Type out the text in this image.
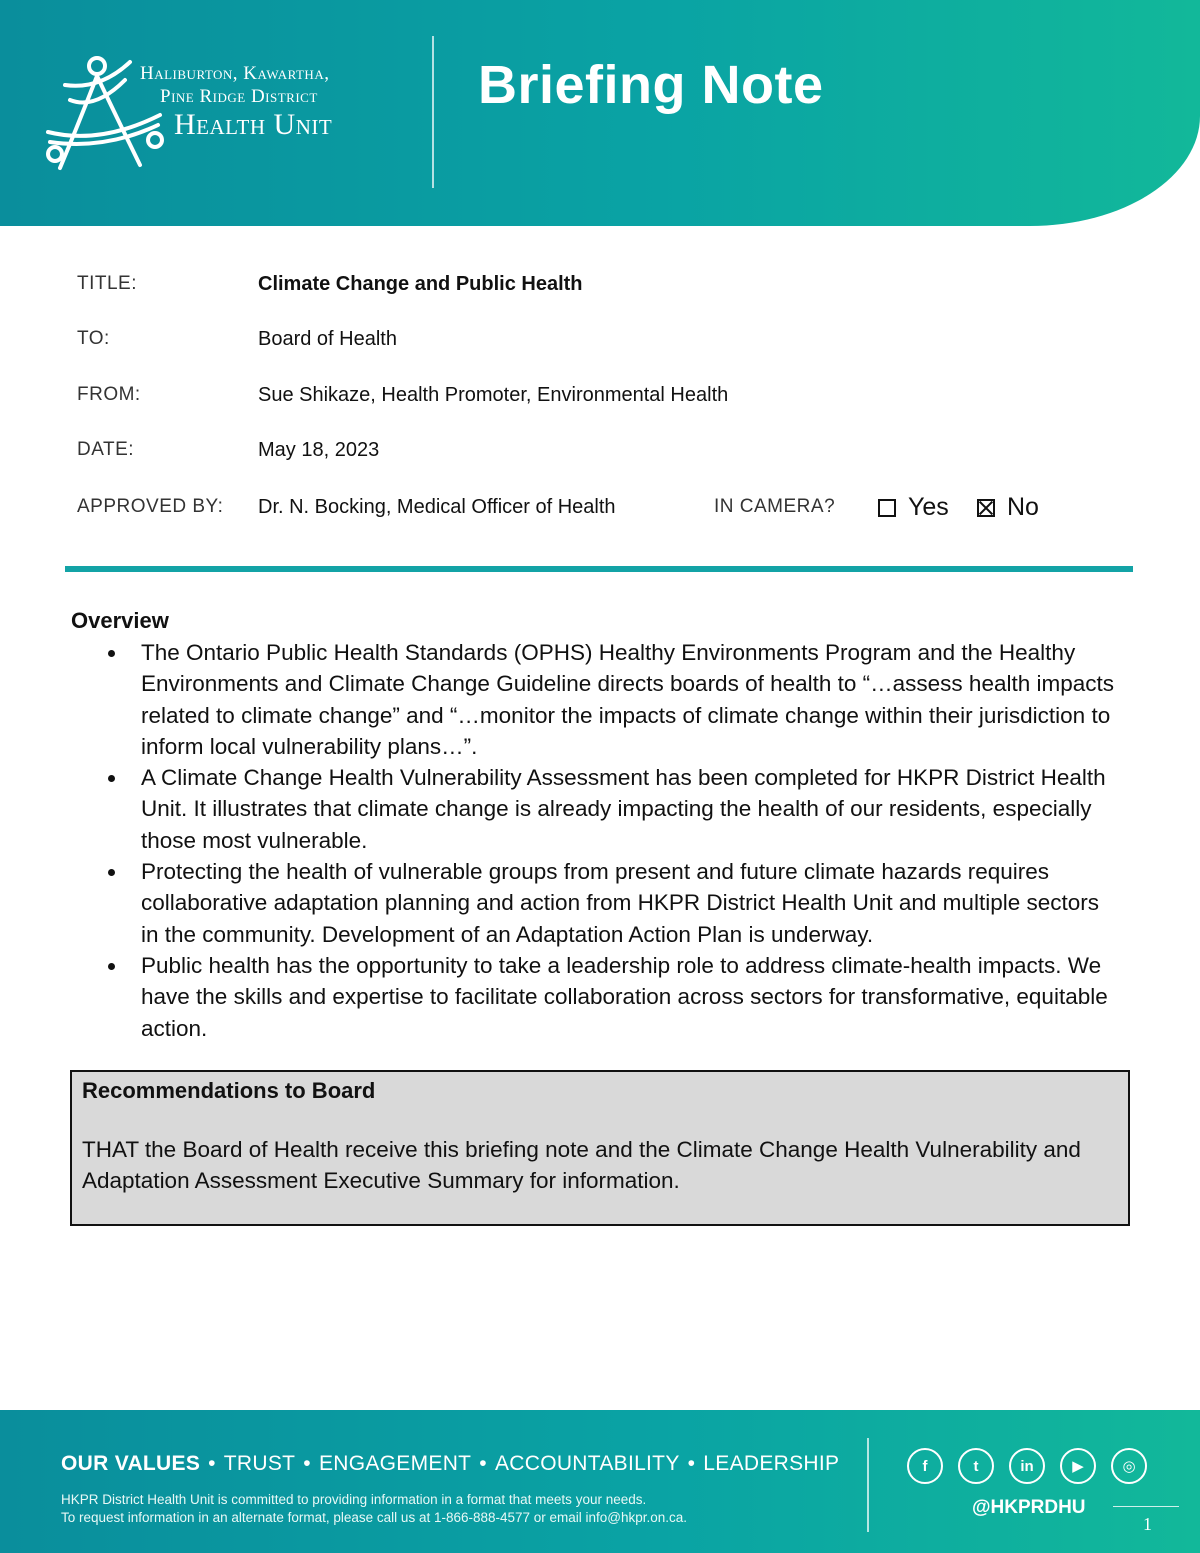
Haliburton, Kawartha,
Pine Ridge District
Health Unit
Briefing Note
TITLE:	Climate Change and Public Health
TO:	Board of Health
FROM:	Sue Shikaze, Health Promoter, Environmental Health
DATE:	May 18, 2023
APPROVED BY: Dr. N. Bocking, Medical Officer of Health	IN CAMERA?	Yes No
Overview
The Ontario Public Health Standards (OPHS) Healthy Environments Program and the Healthy Environments and Climate Change Guideline directs boards of health to “…assess health impacts related to climate change” and “…monitor the impacts of climate change within their jurisdiction to inform local vulnerability plans…”.
A Climate Change Health Vulnerability Assessment has been completed for HKPR District Health Unit. It illustrates that climate change is already impacting the health of our residents, especially those most vulnerable.
Protecting the health of vulnerable groups from present and future climate hazards requires collaborative adaptation planning and action from HKPR District Health Unit and multiple sectors in the community. Development of an Adaptation Action Plan is underway.
Public health has the opportunity to take a leadership role to address climate-health impacts. We have the skills and expertise to facilitate collaboration across sectors for transformative, equitable action.
Recommendations to Board
THAT the Board of Health receive this briefing note and the Climate Change Health Vulnerability and Adaptation Assessment Executive Summary for information.
OUR VALUES • TRUST • ENGAGEMENT • ACCOUNTABILITY • LEADERSHIP
HKPR District Health Unit is committed to providing information in a format that meets your needs.
To request information in an alternate format, please call us at 1-866-888-4577 or email info@hkpr.on.ca.
f	t	in	▶	◎
@HKPRDHU
1
